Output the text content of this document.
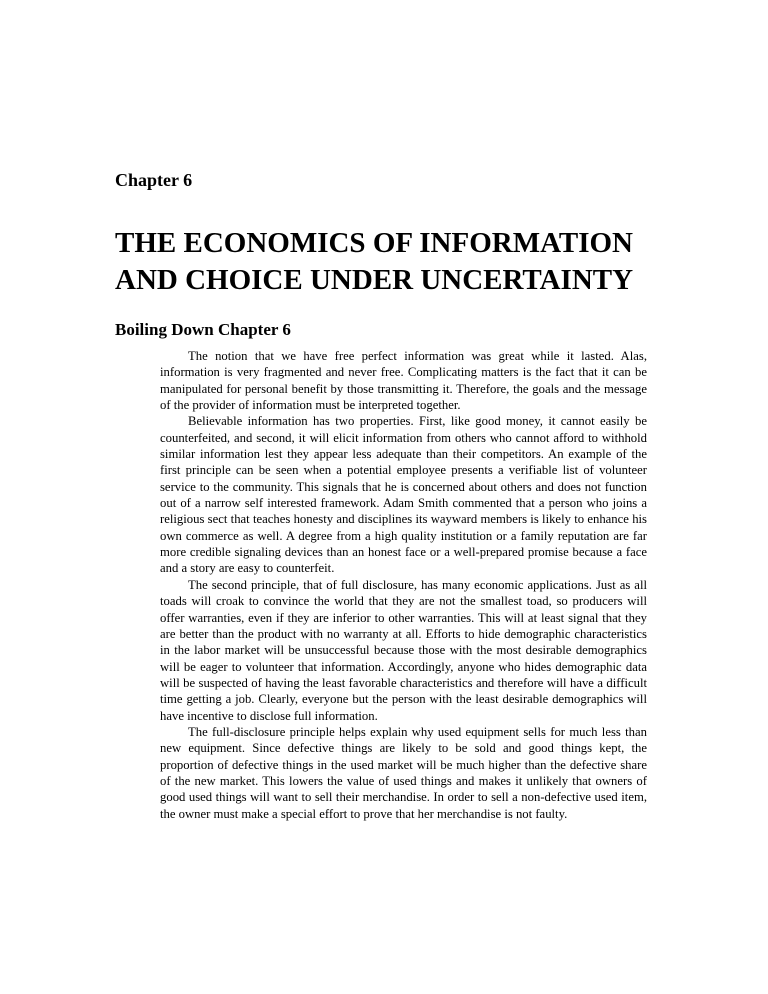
Chapter 6
THE ECONOMICS OF INFORMATION
AND CHOICE UNDER UNCERTAINTY
Boiling Down Chapter 6

The notion that we have free perfect information was great while it lasted. Alas, information is very fragmented and never free. Complicating matters is the fact that it can be manipulated for personal benefit by those transmitting it. Therefore, the goals and the message of the provider of information must be interpreted together.

Believable information has two properties. First, like good money, it cannot easily be counterfeited, and second, it will elicit information from others who cannot afford to withhold similar information lest they appear less adequate than their competitors. An example of the first principle can be seen when a potential employee presents a verifiable list of volunteer service to the community. This signals that he is concerned about others and does not function out of a narrow self interested framework. Adam Smith commented that a person who joins a religious sect that teaches honesty and disciplines its wayward members is likely to enhance his own commerce as well. A degree from a high quality institution or a family reputation are far more credible signaling devices than an honest face or a well-prepared promise because a face and a story are easy to counterfeit.

The second principle, that of full disclosure, has many economic applications. Just as all toads will croak to convince the world that they are not the smallest toad, so producers will offer warranties, even if they are inferior to other warranties. This will at least signal that they are better than the product with no warranty at all. Efforts to hide demographic characteristics in the labor market will be unsuccessful because those with the most desirable demographics will be eager to volunteer that information. Accordingly, anyone who hides demographic data will be suspected of having the least favorable characteristics and therefore will have a difficult time getting a job. Clearly, everyone but the person with the least desirable demographics will have incentive to disclose full information.

The full-disclosure principle helps explain why used equipment sells for much less than new equipment. Since defective things are likely to be sold and good things kept, the proportion of defective things in the used market will be much higher than the defective share of the new market. This lowers the value of used things and makes it unlikely that owners of good used things will want to sell their merchandise. In order to sell a non-defective used item, the owner must make a special effort to prove that her merchandise is not faulty.
